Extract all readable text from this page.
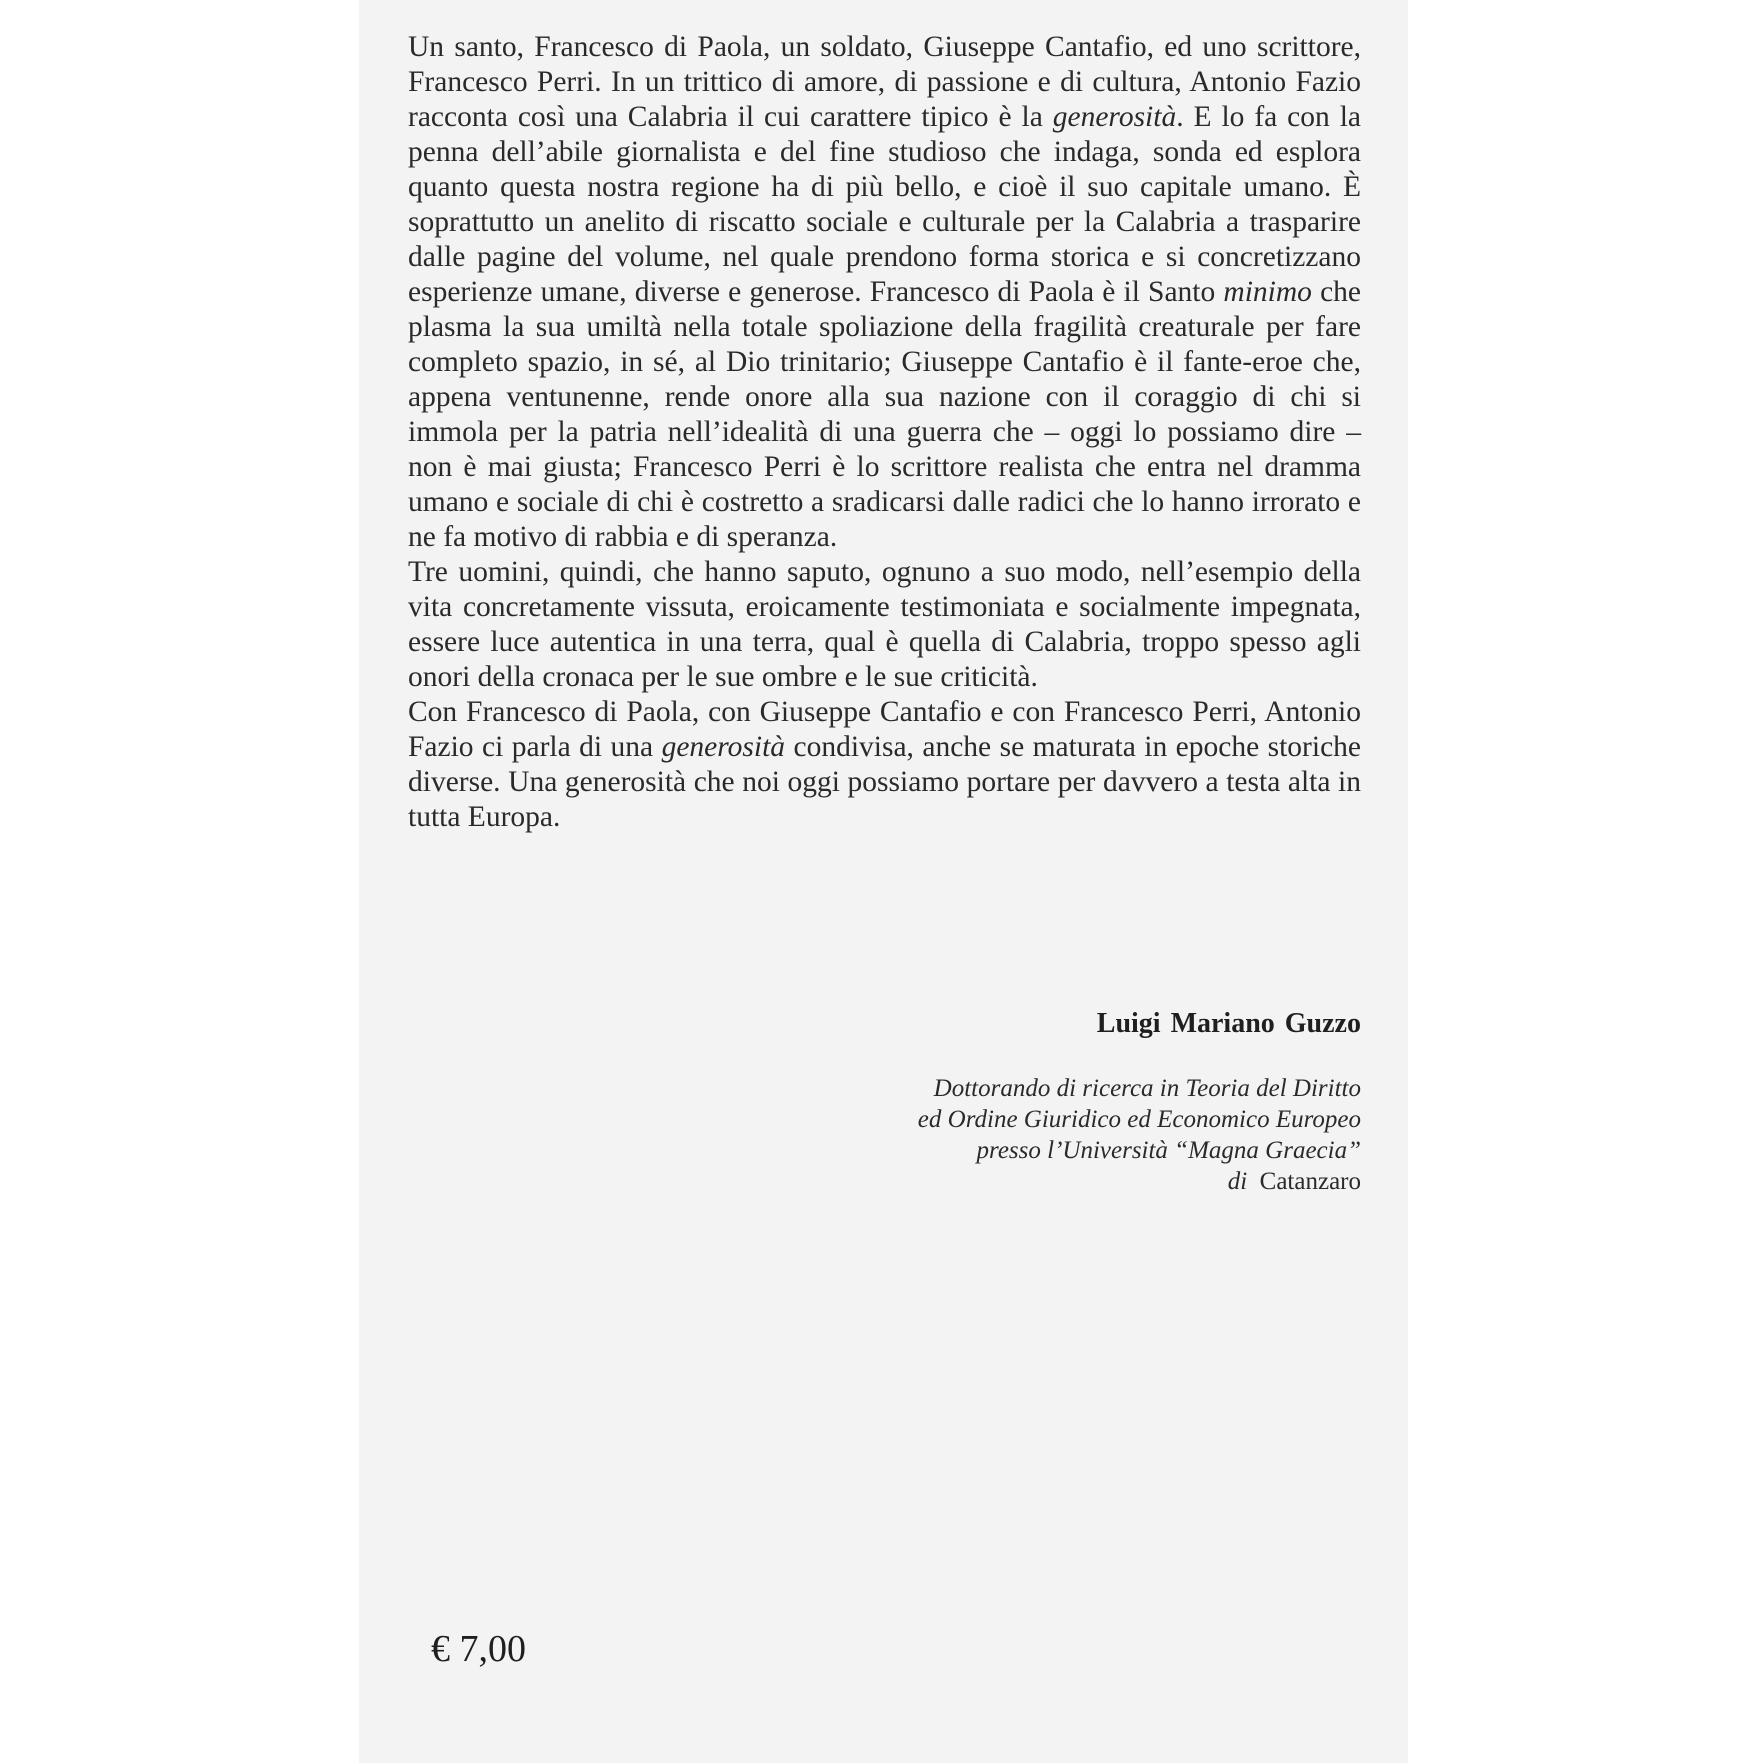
Un santo, Francesco di Paola, un soldato, Giuseppe Cantafio, ed uno scrittore, Francesco Perri. In un trittico di amore, di passione e di cultura, Antonio Fazio racconta così una Calabria il cui carattere tipico è la generosità. E lo fa con la penna dell’abile giornalista e del fine studioso che indaga, sonda ed esplora quanto questa nostra regione ha di più bello, e cioè il suo capitale umano. È soprattutto un anelito di riscatto sociale e culturale per la Calabria a trasparire dalle pagine del volume, nel quale prendono forma storica e si concretizzano esperienze umane, diverse e generose. Francesco di Paola è il Santo minimo che plasma la sua umiltà nella totale spoliazione della fragilità creaturale per fare completo spazio, in sé, al Dio trinitario; Giuseppe Cantafio è il fante-eroe che, appena ventunenne, rende onore alla sua nazione con il coraggio di chi si immola per la patria nell’idealità di una guerra che – oggi lo possiamo dire – non è mai giusta; Francesco Perri è lo scrittore realista che entra nel dramma umano e sociale di chi è costretto a sradicarsi dalle radici che lo hanno irrorato e ne fa motivo di rabbia e di speranza.

Tre uomini, quindi, che hanno saputo, ognuno a suo modo, nell’esempio della vita concretamente vissuta, eroicamente testimoniata e socialmente impegnata, essere luce autentica in una terra, qual è quella di Calabria, troppo spesso agli onori della cronaca per le sue ombre e le sue criticità.

Con Francesco di Paola, con Giuseppe Cantafio e con Francesco Perri, Antonio Fazio ci parla di una generosità condivisa, anche se maturata in epoche storiche diverse. Una generosità che noi oggi possiamo portare per davvero a testa alta in tutta Europa.

Luigi Mariano Guzzo
Dottorando di ricerca in Teoria del Diritto
ed Ordine Giuridico ed Economico Europeo
presso l’Università “Magna Graecia”
di Catanzaro
€ 7,00
